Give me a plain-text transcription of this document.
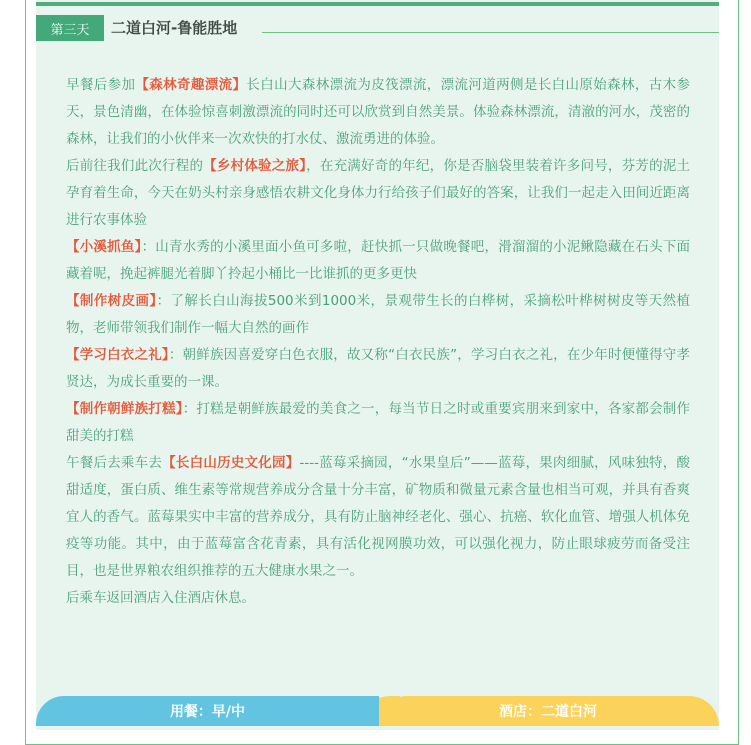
第三天	二道白河-鲁能胜地

早餐后参加【森林奇趣漂流】长白山大森林漂流为皮筏漂流，漂流河道两侧是长白山原始森林，古木参天，景色清幽，在体验惊喜刺激漂流的同时还可以欣赏到自然美景。体验森林漂流，清澈的河水，茂密的森林，让我们的小伙伴来一次欢快的打水仗、激流勇进的体验。

后前往我们此次行程的【乡村体验之旅】，在充满好奇的年纪，你是否脑袋里装着许多问号，芬芳的泥土孕育着生命，今天在奶头村亲身感悟农耕文化身体力行给孩子们最好的答案，让我们一起走入田间近距离进行农事体验

【小溪抓鱼】：山青水秀的小溪里面小鱼可多啦，赶快抓一只做晚餐吧，滑溜溜的小泥鳅隐藏在石头下面藏着呢，挽起裤腿光着脚丫拎起小桶比一比谁抓的更多更快

【制作树皮画】：了解长白山海拔500米到1000米，景观带生长的白桦树，采摘松叶桦树树皮等天然植物，老师带领我们制作一幅大自然的画作

【学习白衣之礼】：朝鲜族因喜爱穿白色衣服，故又称“白衣民族”，学习白衣之礼，在少年时便懂得守孝贤达，为成长重要的一课。

【制作朝鲜族打糕】：打糕是朝鲜族最爱的美食之一，每当节日之时或重要宾朋来到家中，各家都会制作甜美的打糕

午餐后去乘车去【长白山历史文化园】----蓝莓采摘园，“水果皇后”——蓝莓，果肉细腻，风味独特，酸甜适度，蛋白质、维生素等常规营养成分含量十分丰富，矿物质和微量元素含量也相当可观，并具有香爽宜人的香气。蓝莓果实中丰富的营养成分，具有防止脑神经老化、强心、抗癌、软化血管、增强人机体免疫等功能。其中，由于蓝莓富含花青素，具有活化视网膜功效，可以强化视力，防止眼球疲劳而备受注目，也是世界粮农组织推荐的五大健康水果之一。

后乘车返回酒店入住酒店休息。

酒店：二道白河
用餐：早/中
